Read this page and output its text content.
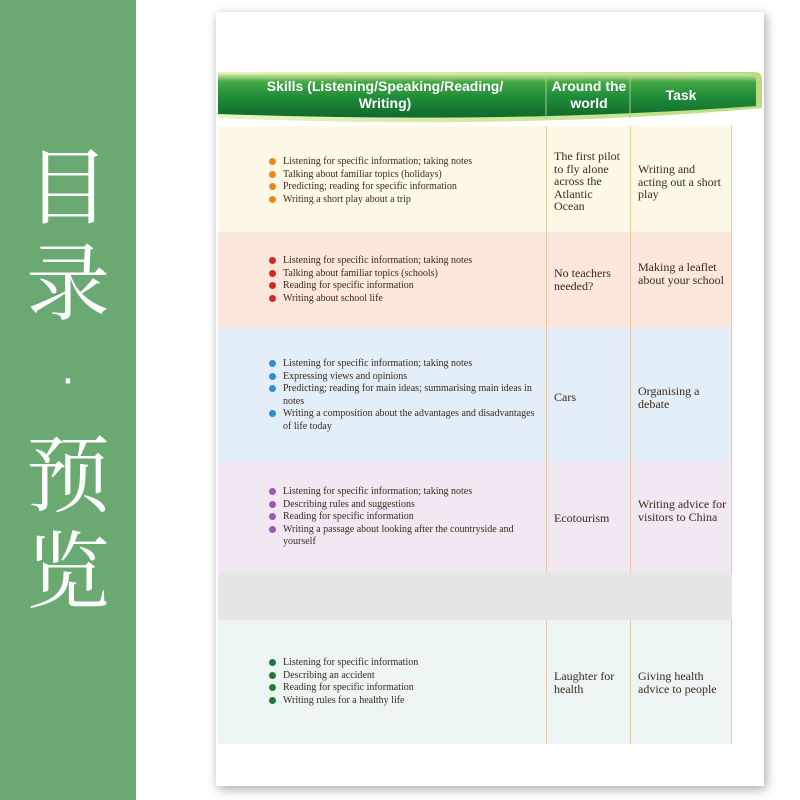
目
录
·
预
览
Skills (Listening/Speaking/Reading/ Writing)
Around the world	Task
Listening for specific information; taking notes
Talking about familiar topics (holidays)
Predicting; reading for specific information
Writing a short play about a trip
The first pilot to fly alone across the Atlantic Ocean
Writing and acting out a short play
Listening for specific information; taking notes
Talking about familiar topics (schools)
Reading for specific information
Writing about school life
No teachers needed?
Making a leaflet about your school
Listening for specific information; taking notes
Expressing views and opinions
Predicting; reading for main ideas; summarising main ideas in notes
Writing a composition about the advantages and disadvantages of life today
Cars	Organising a debate
Listening for specific information; taking notes
Describing rules and suggestions
Reading for specific information
Writing a passage about looking after the countryside and yourself
Ecotourism
Writing advice for visitors to China
Listening for specific information
Describing an accident
Reading for specific information
Writing rules for a healthy life
Laughter for health
Giving health advice to people
